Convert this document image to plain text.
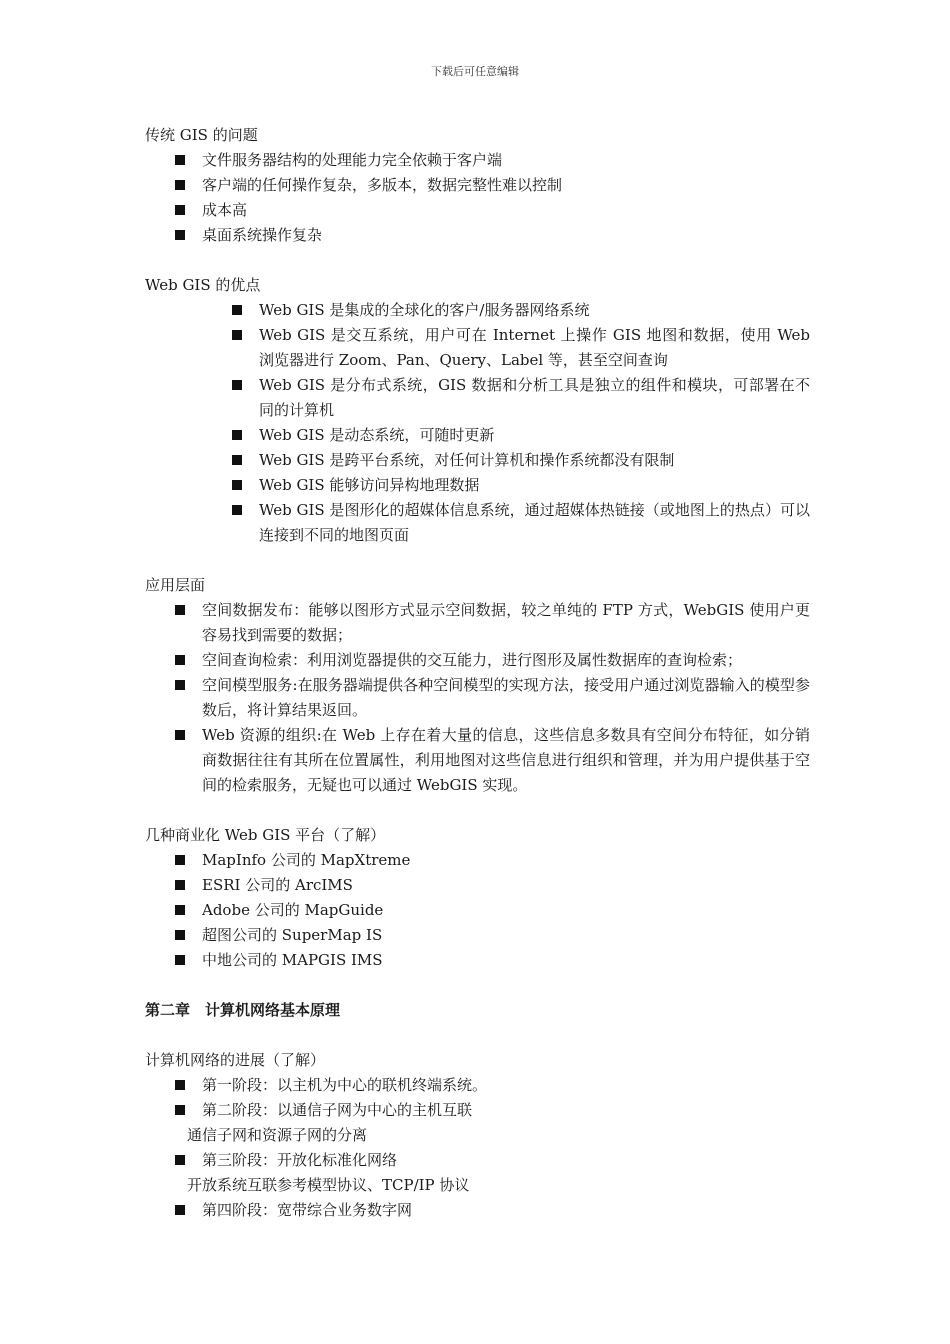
下载后可任意编辑
传统 GIS 的问题
文件服务器结构的处理能力完全依赖于客户端
客户端的任何操作复杂，多版本，数据完整性难以控制
成本高
桌面系统操作复杂
Web GIS 的优点
Web GIS 是集成的全球化的客户/服务器网络系统
Web GIS 是交互系统，用户可在 Internet 上操作 GIS 地图和数据，使用 Web 浏览器进行 Zoom、Pan、Query、Label 等，甚至空间查询
Web GIS 是分布式系统，GIS 数据和分析工具是独立的组件和模块，可部署在不同的计算机
Web GIS 是动态系统，可随时更新
Web GIS 是跨平台系统，对任何计算机和操作系统都没有限制
Web GIS 能够访问异构地理数据
Web GIS 是图形化的超媒体信息系统，通过超媒体热链接（或地图上的热点）可以连接到不同的地图页面
应用层面
空间数据发布：能够以图形方式显示空间数据，较之单纯的 FTP 方式，WebGIS 使用户更容易找到需要的数据；
空间查询检索：利用浏览器提供的交互能力，进行图形及属性数据库的查询检索；
空间模型服务:在服务器端提供各种空间模型的实现方法，接受用户通过浏览器输入的模型参数后，将计算结果返回。
Web 资源的组织:在 Web 上存在着大量的信息，这些信息多数具有空间分布特征，如分销商数据往往有其所在位置属性，利用地图对这些信息进行组织和管理，并为用户提供基于空间的检索服务，无疑也可以通过 WebGIS 实现。
几种商业化 Web GIS 平台（了解）
MapInfo 公司的 MapXtreme
ESRI 公司的 ArcIMS
Adobe 公司的 MapGuide
超图公司的 SuperMap IS
中地公司的 MAPGIS IMS
第二章　计算机网络基本原理
计算机网络的进展（了解）
第一阶段：以主机为中心的联机终端系统。
第二阶段：以通信子网为中心的主机互联
通信子网和资源子网的分离
第三阶段：开放化标准化网络
开放系统互联参考模型协议、TCP/IP 协议
第四阶段：宽带综合业务数字网
